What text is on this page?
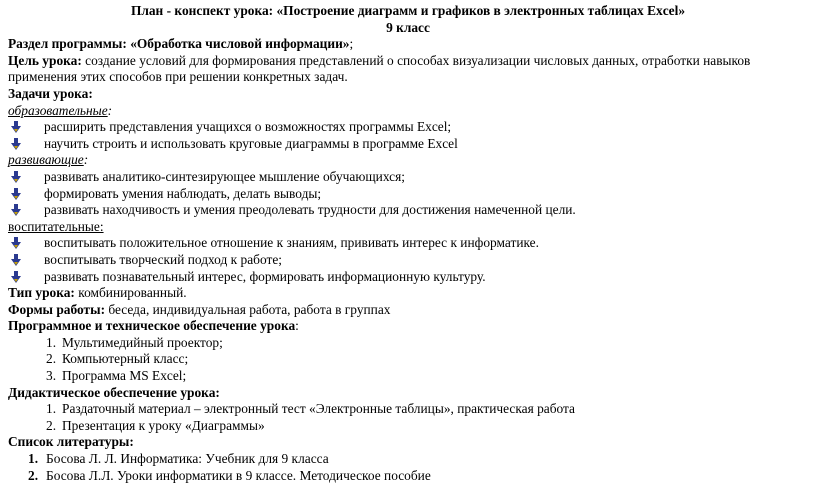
План - конспект урока: «Построение диаграмм и графиков в электронных таблицах Excel»
9 класс
Раздел программы: «Обработка числовой информации»;
Цель урока: создание условий для формирования представлений о способах визуализации числовых данных, отработки навыков
применения этих способов при решении конкретных задач.
Задачи урока:
образовательные:
расширить представления учащихся о возможностях программы Excel;
научить строить и использовать круговые диаграммы в программе Excel
развивающие:
развивать аналитико-синтезирующее мышление обучающихся;
формировать умения наблюдать, делать выводы;
развивать находчивость и умения преодолевать трудности для достижения намеченной цели.
воспитательные:
воспитывать положительное отношение к знаниям, прививать интерес к информатике.
воспитывать творческий подход к работе;
развивать познавательный интерес, формировать информационную культуру.
Тип урока: комбинированный.
Формы работы: беседа, индивидуальная работа, работа в группах
Программное и техническое обеспечение урока:
1. Мультимедийный проектор;
2. Компьютерный класс;
3. Программа MS Excel;
Дидактическое обеспечение урока:
1. Раздаточный материал – электронный тест «Электронные таблицы», практическая работа
2. Презентация к уроку «Диаграммы»
Список литературы:
1. Босова Л. Л. Информатика: Учебник для 9 класса
2. Босова Л.Л. Уроки информатики в 9 классе. Методическое пособие
